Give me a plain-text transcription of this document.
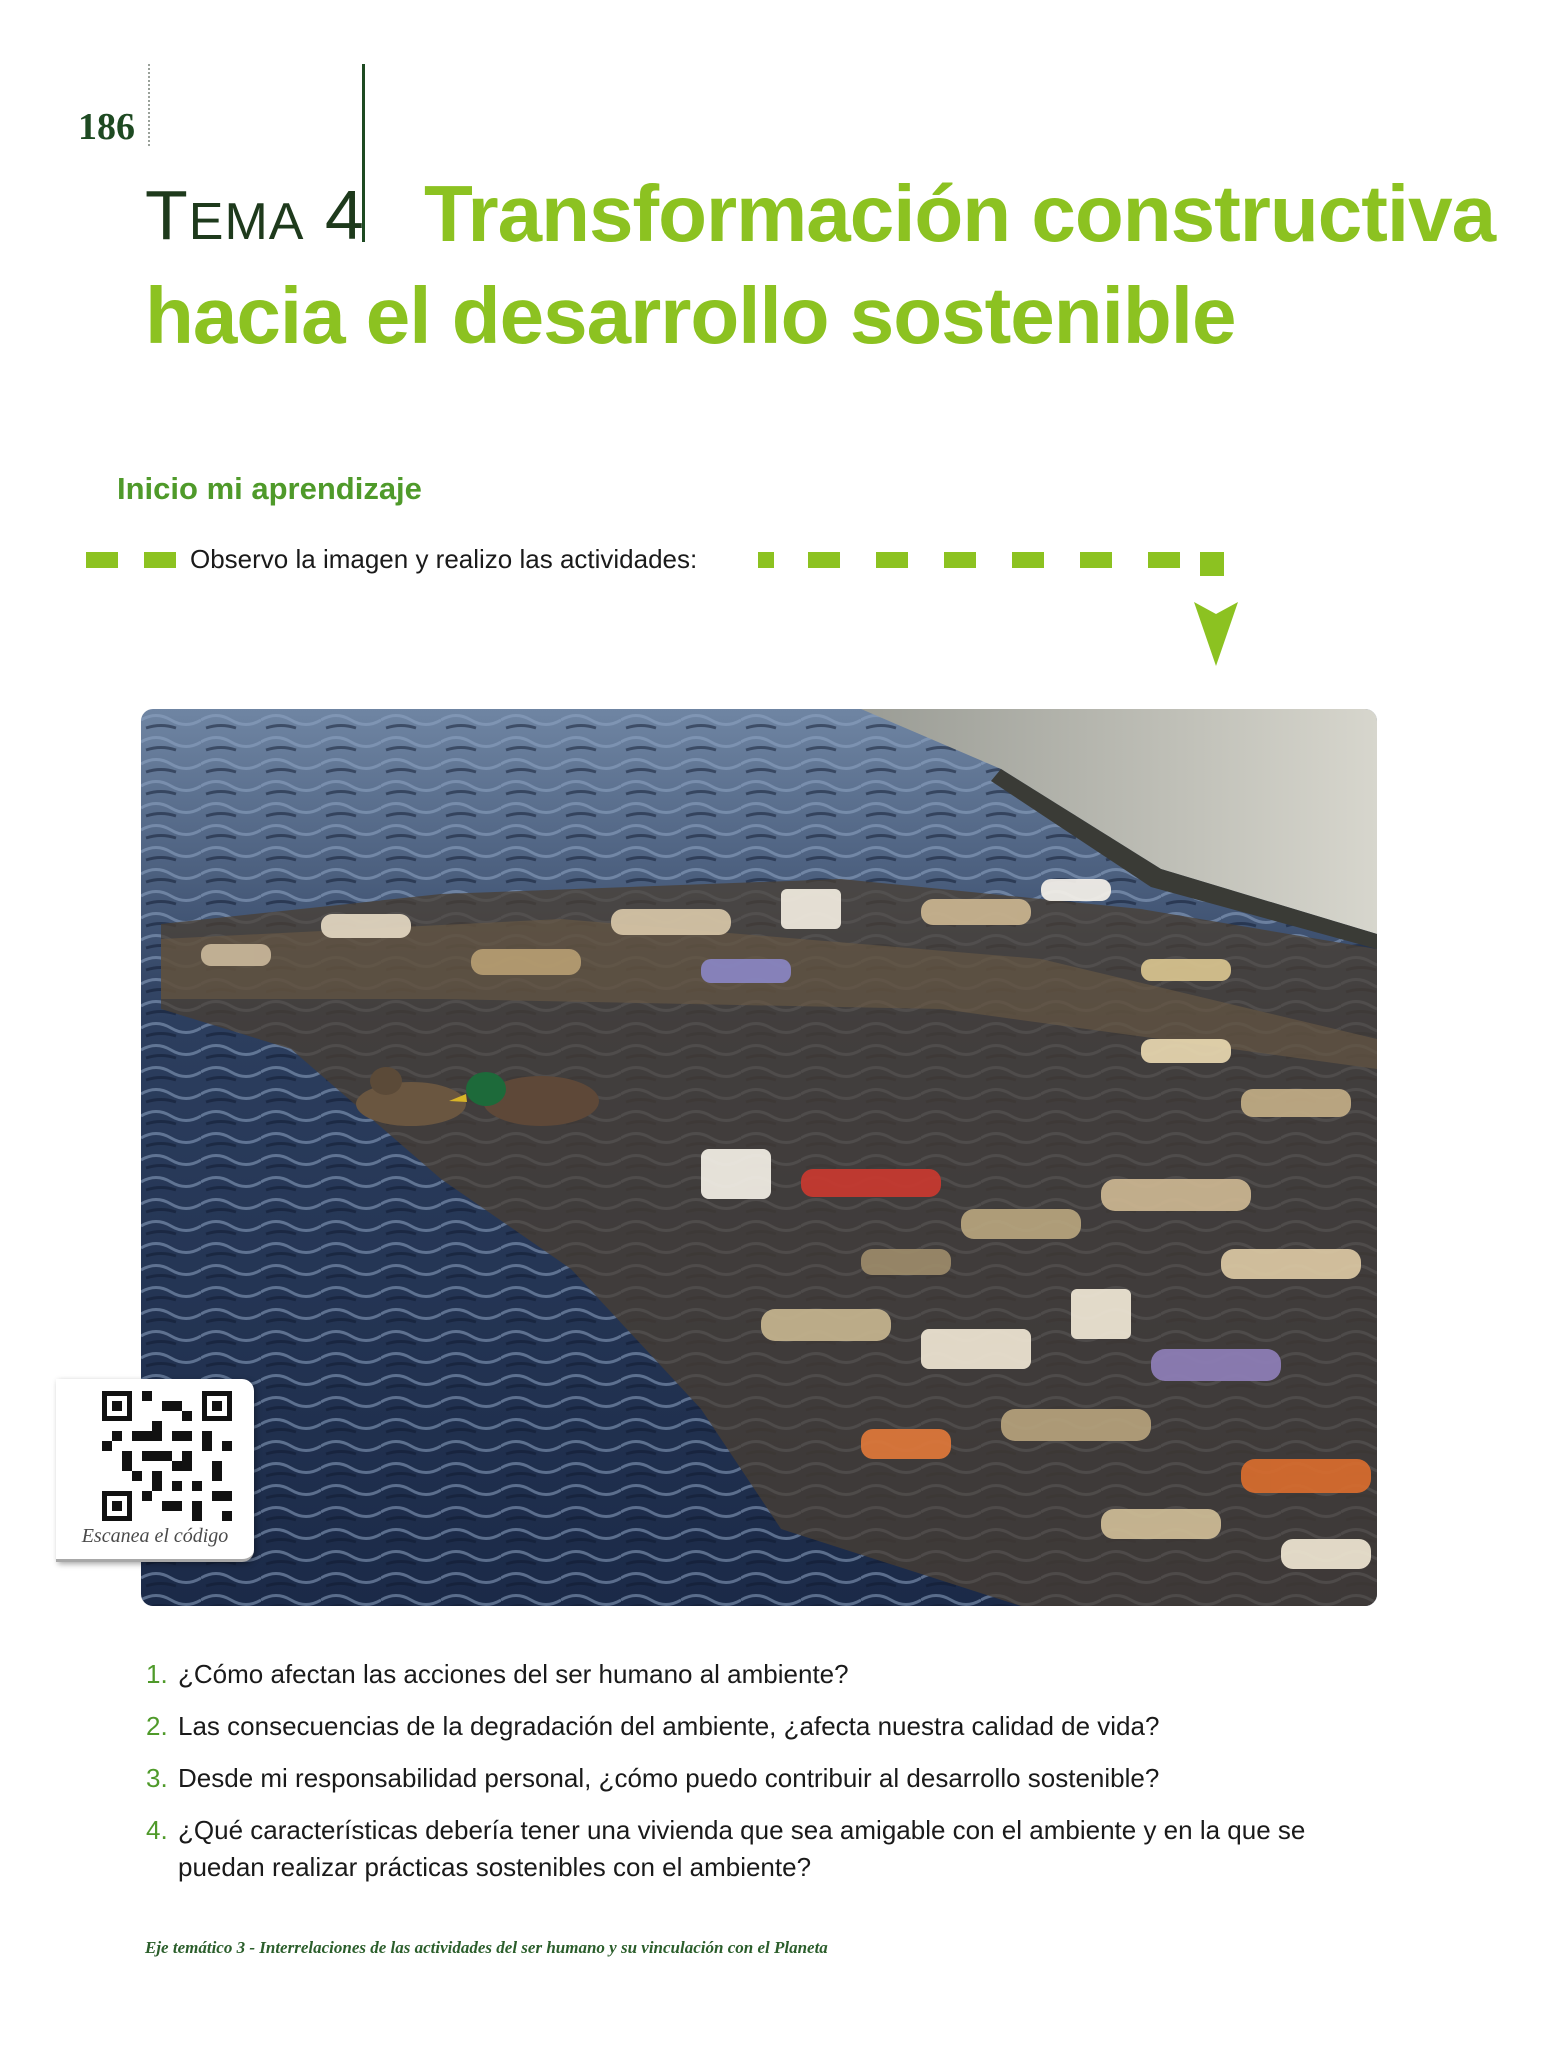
186
TEMA 4 Transformación constructiva
hacia el desarrollo sostenible
Inicio mi aprendizaje
Observo la imagen y realizo las actividades:
Escanea el código
1. ¿Cómo afectan las acciones del ser humano al ambiente?
2. Las consecuencias de la degradación del ambiente, ¿afecta nuestra calidad de vida?
3. Desde mi responsabilidad personal, ¿cómo puedo contribuir al desarrollo sostenible?
4. ¿Qué características debería tener una vivienda que sea amigable con el ambiente y en la que se puedan realizar prácticas sostenibles con el ambiente?
Eje temático 3 - Interrelaciones de las actividades del ser humano y su vinculación con el Planeta
